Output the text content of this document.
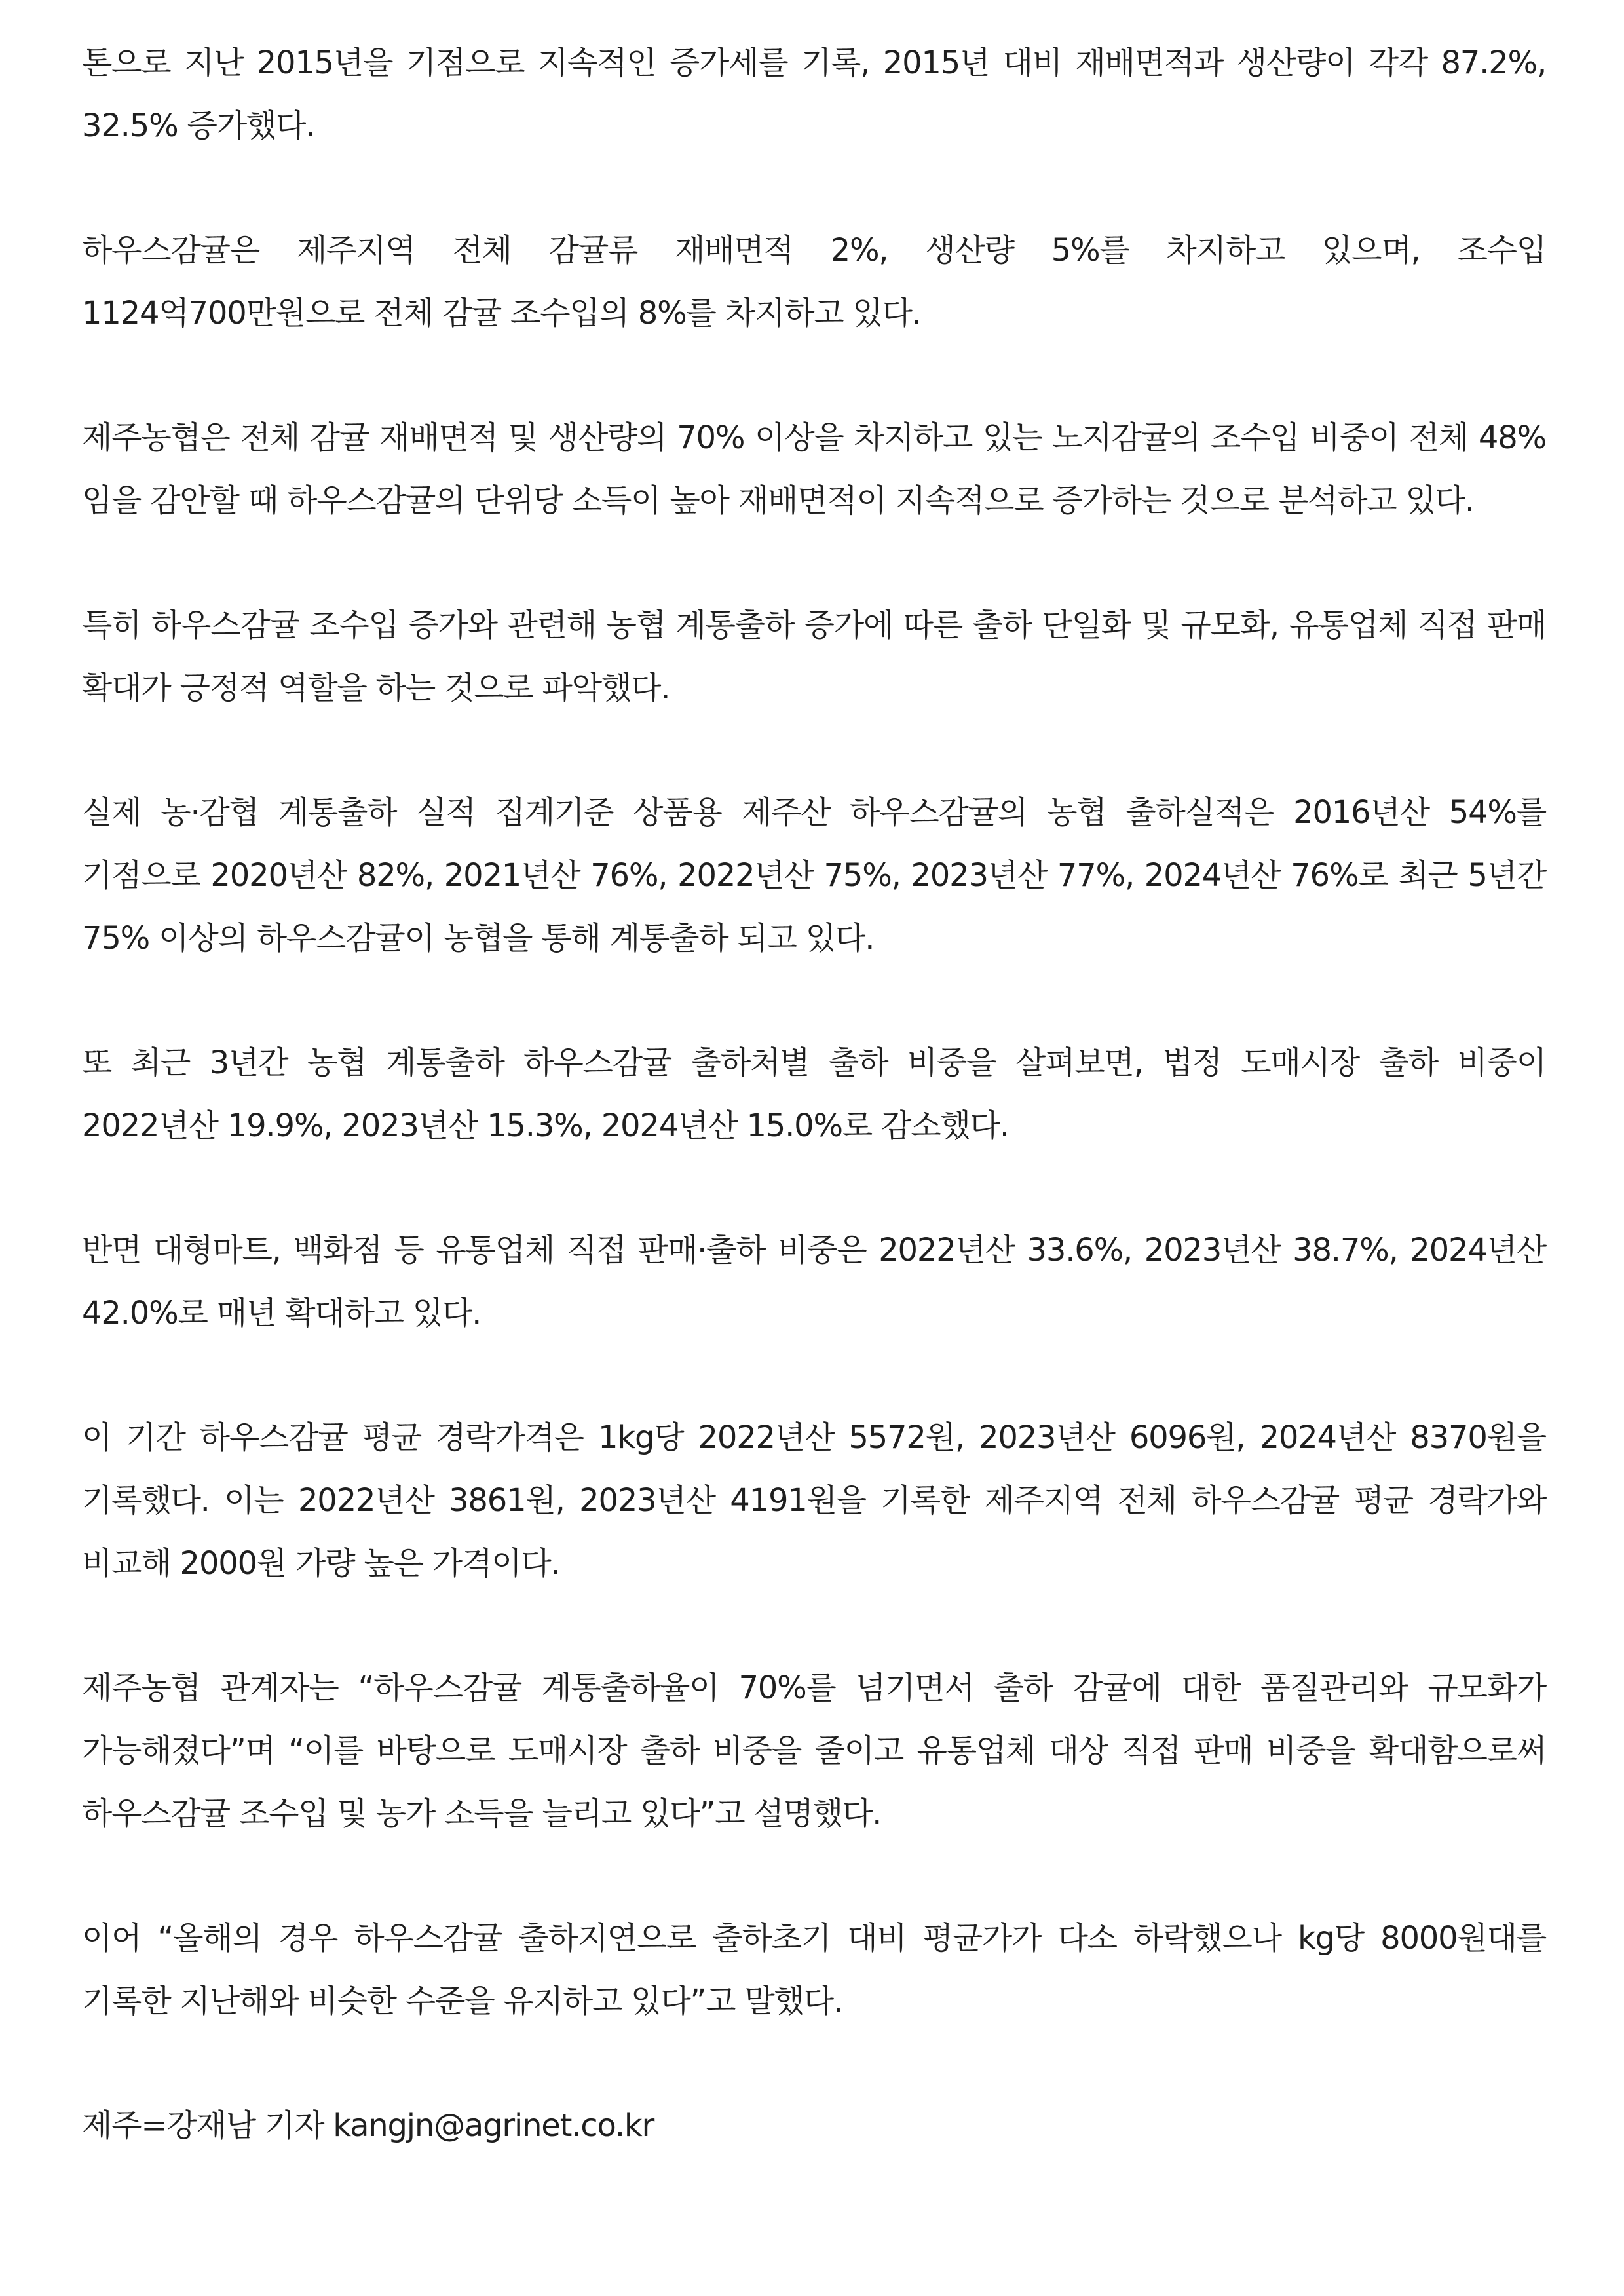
톤으로 지난 2015년을 기점으로 지속적인 증가세를 기록, 2015년 대비 재배면적과 생산량이 각각 87.2%, 32.5% 증가했다.

하우스감귤은 제주지역 전체 감귤류 재배면적 2%, 생산량 5%를 차지하고 있으며, 조수입 1124억700만원으로 전체 감귤 조수입의 8%를 차지하고 있다.

제주농협은 전체 감귤 재배면적 및 생산량의 70% 이상을 차지하고 있는 노지감귤의 조수입 비중이 전체 48%임을 감안할 때 하우스감귤의 단위당 소득이 높아 재배면적이 지속적으로 증가하는 것으로 분석하고 있다.

특히 하우스감귤 조수입 증가와 관련해 농협 계통출하 증가에 따른 출하 단일화 및 규모화, 유통업체 직접 판매 확대가 긍정적 역할을 하는 것으로 파악했다.

실제 농·감협 계통출하 실적 집계기준 상품용 제주산 하우스감귤의 농협 출하실적은 2016년산 54%를 기점으로 2020년산 82%, 2021년산 76%, 2022년산 75%, 2023년산 77%, 2024년산 76%로 최근 5년간 75% 이상의 하우스감귤이 농협을 통해 계통출하 되고 있다.

또 최근 3년간 농협 계통출하 하우스감귤 출하처별 출하 비중을 살펴보면, 법정 도매시장 출하 비중이 2022년산 19.9%, 2023년산 15.3%, 2024년산 15.0%로 감소했다.

반면 대형마트, 백화점 등 유통업체 직접 판매·출하 비중은 2022년산 33.6%, 2023년산 38.7%, 2024년산 42.0%로 매년 확대하고 있다.

이 기간 하우스감귤 평균 경락가격은 1kg당 2022년산 5572원, 2023년산 6096원, 2024년산 8370원을 기록했다. 이는 2022년산 3861원, 2023년산 4191원을 기록한 제주지역 전체 하우스감귤 평균 경락가와 비교해 2000원 가량 높은 가격이다.

제주농협 관계자는 “하우스감귤 계통출하율이 70%를 넘기면서 출하 감귤에 대한 품질관리와 규모화가 가능해졌다”며 “이를 바탕으로 도매시장 출하 비중을 줄이고 유통업체 대상 직접 판매 비중을 확대함으로써 하우스감귤 조수입 및 농가 소득을 늘리고 있다”고 설명했다.

이어 “올해의 경우 하우스감귤 출하지연으로 출하초기 대비 평균가가 다소 하락했으나 kg당 8000원대를 기록한 지난해와 비슷한 수준을 유지하고 있다”고 말했다.

제주=강재남 기자 kangjn@agrinet.co.kr
